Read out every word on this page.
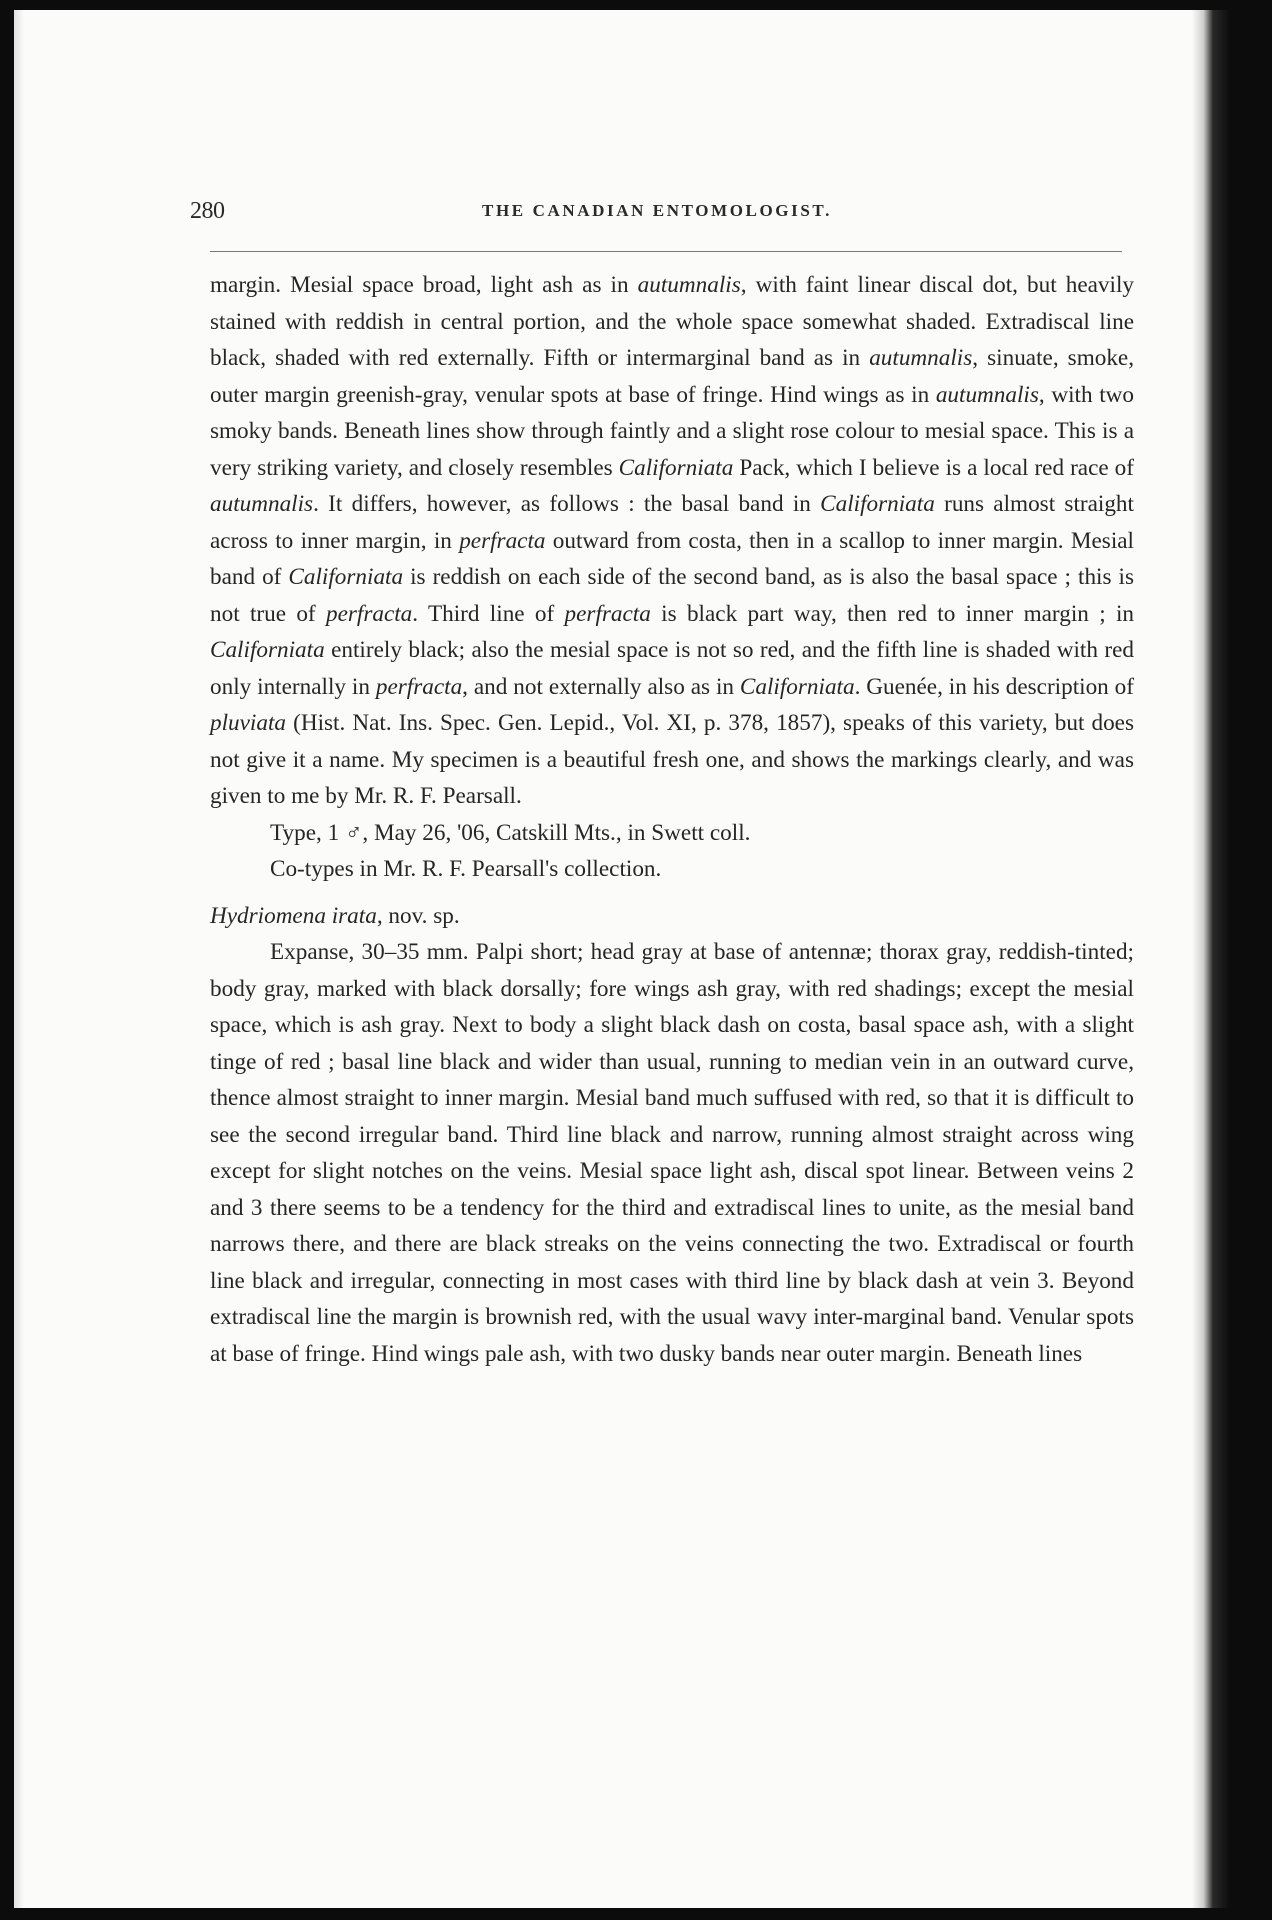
280	THE CANADIAN ENTOMOLOGIST.

margin. Mesial space broad, light ash as in autumnalis, with faint linear discal dot, but heavily stained with reddish in central portion, and the whole space somewhat shaded. Extradiscal line black, shaded with red externally. Fifth or intermarginal band as in autumnalis, sinuate, smoke, outer margin greenish-gray, venular spots at base of fringe. Hind wings as in autumnalis, with two smoky bands. Beneath lines show through faintly and a slight rose colour to mesial space. This is a very striking variety, and closely resembles Californiata Pack, which I believe is a local red race of autumnalis. It differs, however, as follows : the basal band in Californiata runs almost straight across to inner margin, in perfracta outward from costa, then in a scallop to inner margin. Mesial band of Californiata is reddish on each side of the second band, as is also the basal space ; this is not true of perfracta. Third line of perfracta is black part way, then red to inner margin ; in Californiata entirely black; also the mesial space is not so red, and the fifth line is shaded with red only internally in perfracta, and not externally also as in Californiata. Guenée, in his description of pluviata (Hist. Nat. Ins. Spec. Gen. Lepid., Vol. XI, p. 378, 1857), speaks of this variety, but does not give it a name. My specimen is a beautiful fresh one, and shows the markings clearly, and was given to me by Mr. R. F. Pearsall.

Type, 1 ♂, May 26, '06, Catskill Mts., in Swett coll.

Co-types in Mr. R. F. Pearsall's collection.

Hydriomena irata, nov. sp.

Expanse, 30–35 mm. Palpi short; head gray at base of antennæ; thorax gray, reddish-tinted; body gray, marked with black dorsally; fore wings ash gray, with red shadings; except the mesial space, which is ash gray. Next to body a slight black dash on costa, basal space ash, with a slight tinge of red ; basal line black and wider than usual, running to median vein in an outward curve, thence almost straight to inner margin. Mesial band much suffused with red, so that it is difficult to see the second irregular band. Third line black and narrow, running almost straight across wing except for slight notches on the veins. Mesial space light ash, discal spot linear. Between veins 2 and 3 there seems to be a tendency for the third and extradiscal lines to unite, as the mesial band narrows there, and there are black streaks on the veins connecting the two. Extradiscal or fourth line black and irregular, connecting in most cases with third line by black dash at vein 3. Beyond extradiscal line the margin is brownish red, with the usual wavy inter-marginal band. Venular spots at base of fringe. Hind wings pale ash, with two dusky bands near outer margin. Beneath lines
